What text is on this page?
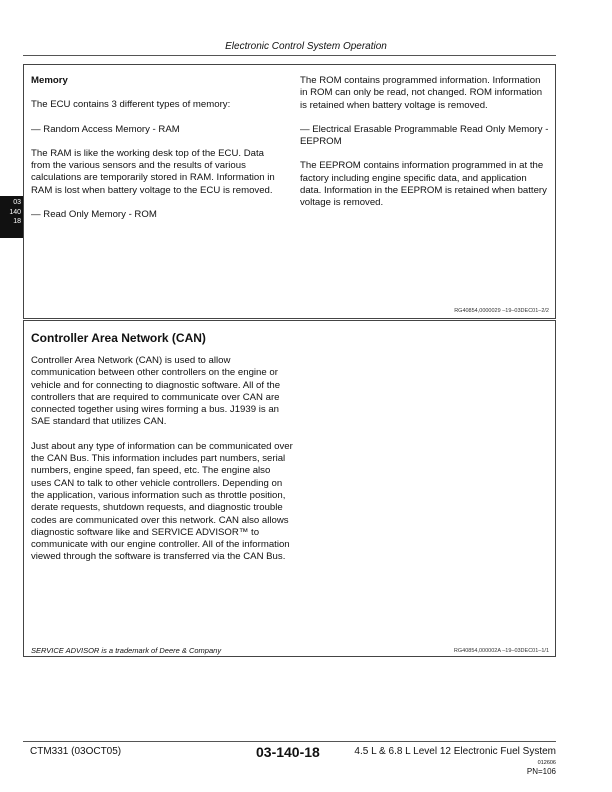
Electronic Control System Operation
03
140
18

Memory

The ECU contains 3 different types of memory:

— Random Access Memory - RAM

The RAM is like the working desk top of the ECU. Data from the various sensors and the results of various calculations are temporarily stored in RAM. Information in RAM is lost when battery voltage to the ECU is removed.

— Read Only Memory - ROM

The ROM contains programmed information. Information in ROM can only be read, not changed. ROM information is retained when battery voltage is removed.

— Electrical Erasable Programmable Read Only Memory - EEPROM

The EEPROM contains information programmed in at the factory including engine specific data, and application data. Information in the EEPROM is retained when battery voltage is removed.

RG40854,0000029 –19–03DEC01–2/2
Controller Area Network (CAN)

Controller Area Network (CAN) is used to allow communication between other controllers on the engine or vehicle and for connecting to diagnostic software. All of the controllers that are required to communicate over CAN are connected together using wires forming a bus. J1939 is an SAE standard that utilizes CAN.

Just about any type of information can be communicated over the CAN Bus. This information includes part numbers, serial numbers, engine speed, fan speed, etc. The engine also uses CAN to talk to other vehicle controllers. Depending on the application, various information such as throttle position, derate requests, shutdown requests, and diagnostic trouble codes are communicated over this network. CAN also allows diagnostic software like and SERVICE ADVISOR™ to communicate with our engine controller. All of the information viewed through the software is transferred via the CAN Bus.

SERVICE ADVISOR is a trademark of Deere & Company	RG40854,000002A –19–03DEC01–1/1
CTM331 (03OCT05)	03-140-18	4.5 L & 6.8 L Level 12 Electronic Fuel System
012606
PN=106
